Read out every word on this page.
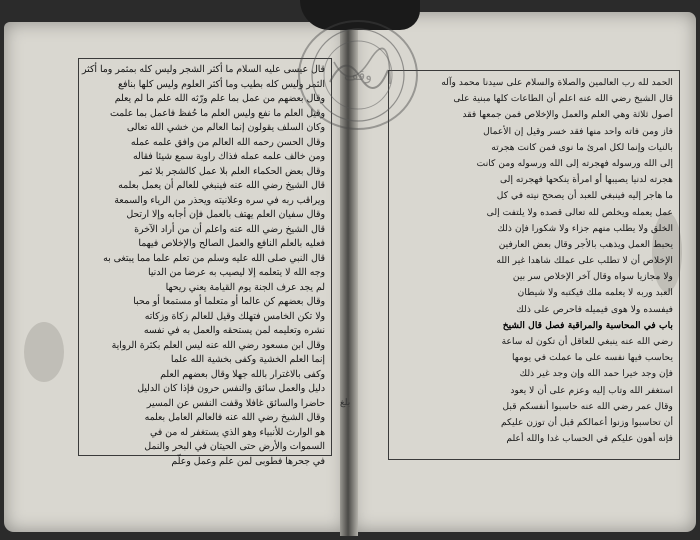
قال عيسى عليه السلام ما أكثر الشجر وليس كله بمثمر وما أكثر
الثمر وليس كله بطيب وما أكثر العلوم وليس كلها بنافع
وقال بعضهم من عمل بما علم ورّثه الله علم ما لم يعلم
وقيل العلم ما نفع وليس العلم ما حُفظ فاعمل بما علمت
وكان السلف يقولون إنما العالم من خشي الله تعالى
وقال الحسن رحمه الله العالم من وافق علمه عمله
ومن خالف علمه عمله فذاك راوية سمع شيئا فقاله
وقال بعض الحكماء العلم بلا عمل كالشجر بلا ثمر
قال الشيخ رضي الله عنه فينبغي للعالم أن يعمل بعلمه
ويراقب ربه في سره وعلانيته ويحذر من الرياء والسمعة
وقال سفيان العلم يهتف بالعمل فإن أجابه وإلا ارتحل
قال الشيخ رضي الله عنه واعلم أن من أراد الآخرة
فعليه بالعلم النافع والعمل الصالح والإخلاص فيهما
قال النبي صلى الله عليه وسلم من تعلم علما مما يبتغى به
وجه الله لا يتعلمه إلا ليصيب به عرضا من الدنيا
لم يجد عرف الجنة يوم القيامة يعني ريحها
وقال بعضهم كن عالما أو متعلما أو مستمعا أو محبا
ولا تكن الخامس فتهلك وقيل للعالم زكاة وزكاته
نشره وتعليمه لمن يستحقه والعمل به في نفسه
وقال ابن مسعود رضي الله عنه ليس العلم بكثرة الرواية
إنما العلم الخشية وكفى بخشية الله علما
وكفى بالاغترار بالله جهلا وقال بعضهم العلم
دليل والعمل سائق والنفس حرون فإذا كان الدليل
حاضرا والسائق غافلا وقفت النفس عن المسير
وقال الشيخ رضي الله عنه فالعالم العامل بعلمه
هو الوارث للأنبياء وهو الذي يستغفر له من في
السموات والأرض حتى الحيتان في البحر والنمل
في جحرها فطوبى لمن علم وعمل وعلّم
الحمد لله رب العالمين والصلاة والسلام على سيدنا محمد وآله
قال الشيخ رضي الله عنه اعلم أن الطاعات كلها مبنية على
أصول ثلاثة وهي العلم والعمل والإخلاص فمن جمعها فقد
فاز ومن فاته واحد منها فقد خسر وقيل إن الأعمال
بالنيات وإنما لكل امرئ ما نوى فمن كانت هجرته
إلى الله ورسوله فهجرته إلى الله ورسوله ومن كانت
هجرته لدنيا يصيبها أو امرأة ينكحها فهجرته إلى
ما هاجر إليه فينبغي للعبد أن يصحح نيته في كل
عمل يعمله ويخلص لله تعالى قصده ولا يلتفت إلى
الخلق ولا يطلب منهم جزاء ولا شكورا فإن ذلك
يحبط العمل ويذهب بالأجر وقال بعض العارفين
الإخلاص أن لا تطلب على عملك شاهدا غير الله
ولا مجازيا سواه وقال آخر الإخلاص سر بين
العبد وربه لا يعلمه ملك فيكتبه ولا شيطان
فيفسده ولا هوى فيميله فاحرص على ذلك
باب في المحاسبة والمراقبة فصل قال الشيخ
رضي الله عنه ينبغي للعاقل أن تكون له ساعة
يحاسب فيها نفسه على ما عملت في يومها
فإن وجد خيرا حمد الله وإن وجد غير ذلك
استغفر الله وتاب إليه وعزم على أن لا يعود
وقال عمر رضي الله عنه حاسبوا أنفسكم قبل
أن تحاسبوا وزنوا أعمالكم قبل أن توزن عليكم
فإنه أهون عليكم في الحساب غدا والله أعلم
وقف
بلغ
